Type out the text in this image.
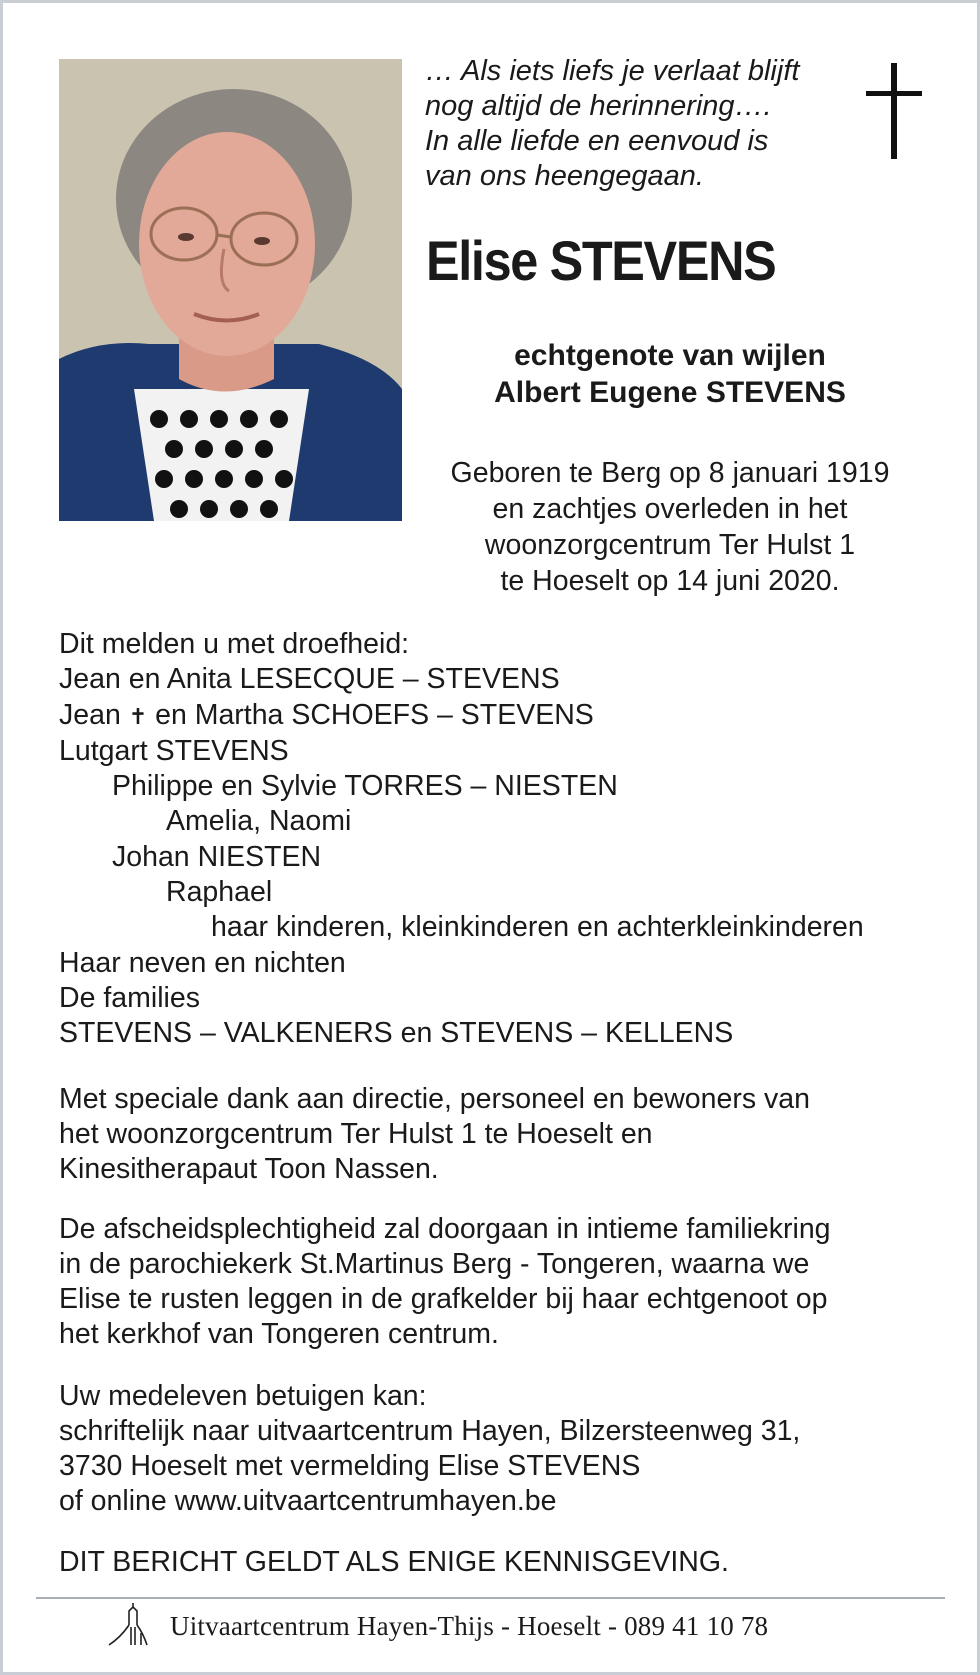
… Als iets liefs je verlaat blijft
nog altijd de herinnering….
In alle liefde en eenvoud is
van ons heengegaan.
Elise STEVENS
echtgenote van wijlen
Albert Eugene STEVENS
Geboren te Berg op 8 januari 1919
en zachtjes overleden in het
woonzorgcentrum Ter Hulst 1
te Hoeselt op 14 juni 2020.
Dit melden u met droefheid:
Jean en Anita LESECQUE – STEVENS
Jean ✝ en Martha SCHOEFS – STEVENS
Lutgart STEVENS
Philippe en Sylvie TORRES – NIESTEN
Amelia, Naomi
Johan NIESTEN
Raphael
haar kinderen, kleinkinderen en achterkleinkinderen
Haar neven en nichten
De families
STEVENS – VALKENERS en STEVENS – KELLENS
Met speciale dank aan directie, personeel en bewoners van
het woonzorgcentrum Ter Hulst 1 te Hoeselt en
Kinesitherapaut Toon Nassen.
De afscheidsplechtigheid zal doorgaan in intieme familiekring
in de parochiekerk St.Martinus Berg - Tongeren, waarna we
Elise te rusten leggen in de grafkelder bij haar echtgenoot op
het kerkhof van Tongeren centrum.
Uw medeleven betuigen kan:
schriftelijk naar uitvaartcentrum Hayen, Bilzersteenweg 31,
3730 Hoeselt met vermelding Elise STEVENS
of online www.uitvaartcentrumhayen.be
DIT BERICHT GELDT ALS ENIGE KENNISGEVING.
Uitvaartcentrum Hayen-Thijs - Hoeselt - 089 41 10 78
